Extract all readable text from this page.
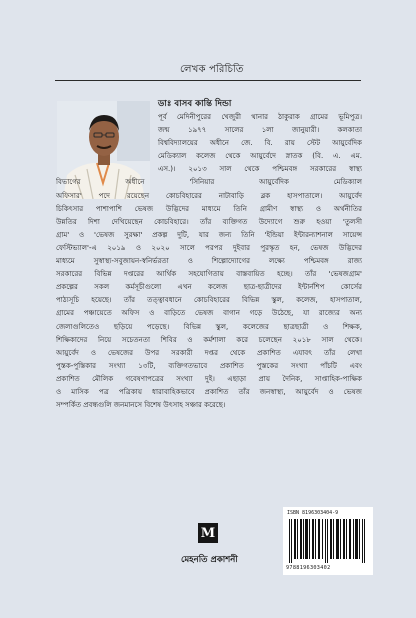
লেখক পরিচিতি
ডাঃ বাসব কান্তি দিন্ডা
পূর্ব মেদিনীপুরের খেজুরী থানার ঠাকুরাক গ্রামের ভূমিপুত্র।
জন্ম ১৯৭৭ সালের ১লা জানুয়ারী। কলকাতা
বিশ্ববিদ্যালয়ের অধীনে জে. বি. রায় স্টেট আয়ুর্বেদিক
মেডিক্যাল কলেজ থেকে আয়ুর্বেদে স্নাতক (বি. এ. এম.
এস.)। ২০১৩ সাল থেকে পশ্চিমবঙ্গ সরকারের স্বাস্থ্য
বিভাগের অধীনে 'সিনিয়ার আয়ুর্বেদিক মেডিক্যাল
অফিসার' পদে রয়েছেন কোচবিহারের নাটাবাড়ি ব্লক হাসপাতালে। আয়ুর্বেদ
চিকিৎসার পাশাপাশি ভেষজ উদ্ভিদের মাধ্যমে তিনি গ্রামীণ স্বাস্থ্য ও অর্থনীতির
উন্নতির দিশা দেখিয়েছেন কোচবিহারে। তাঁর ব্যক্তিগত উদ্যোগে শুরু হওয়া 'তুলসী
গ্রাম' ও 'ভেষজ সুরক্ষা' প্রকল্প দুটি, যার জন্য তিনি 'ইন্ডিয়া ইন্টারন্যাশনাল সায়েন্স
ফেস্টিভ্যাল'-এ ২০১৯ ও ২০২০ সালে পরপর দুইবার পুরস্কৃত হন, ভেষজ উদ্ভিদের
মাধ্যমে সুস্বাস্থ্য-সবুজায়ন-স্বনির্ভরতা ও শিল্পোদ্যোগের লক্ষ্যে পশ্চিমবঙ্গ রাজ্য
সরকারের বিভিন্ন দপ্তরের আর্থিক সহযোগিতায় বাস্তবায়িত হচ্ছে। তাঁর 'ভেষজগ্রাম'
প্রকল্পের সকল কর্মসূচীগুলো এখন কলেজ ছাত্র-ছাত্রীদের ইন্টার্নশিপ কোর্সের
পাঠ্যসূচি হয়েছে। তাঁর তত্ত্বাবধানে কোচবিহারের বিভিন্ন স্কুল, কলেজ, হাসপাতাল,
গ্রামের পঞ্চায়েতে অফিস ও বাড়িতে ভেষজ বাগান গড়ে উঠেছে, যা রাজ্যের অন্য
জেলাগুলিতেও ছড়িয়ে পড়েছে। বিভিন্ন স্কুল, কলেজের ছাত্রছাত্রী ও শিক্ষক,
শিক্ষিকাদের নিয়ে সচেতনতা শিবির ও কর্মশালা করে চলেছেন ২০১৮ সাল থেকে।
আয়ুর্বেদ ও ভেষজের উপর সরকারী দপ্তর থেকে প্রকাশিত এযাবৎ তাঁর লেখা
পুস্তক-পুস্তিকার সংখ্যা ১৩টি, ব্যক্তিগতভাবে প্রকাশিত পুস্তকের সংখ্যা পাঁচটি এবং
প্রকাশিত মৌলিক গবেষণাপত্রের সংখ্যা দুই। এছাড়া প্রায় দৈনিক, সাপ্তাহিক-পাক্ষিক
ও মাসিক পত্র পত্রিকায় ধারাবাহিকভাবে প্রকাশিত তাঁর জনস্বাস্থ্য, আয়ুর্বেদ ও ভেষজ
সম্পর্কিত প্রবন্ধগুলি জনমানসে বিশেষ উৎসাহ সঞ্চার করেছে।
M
মেহনতি প্রকাশনী
ISBN 8196303404-9
9788196303402
